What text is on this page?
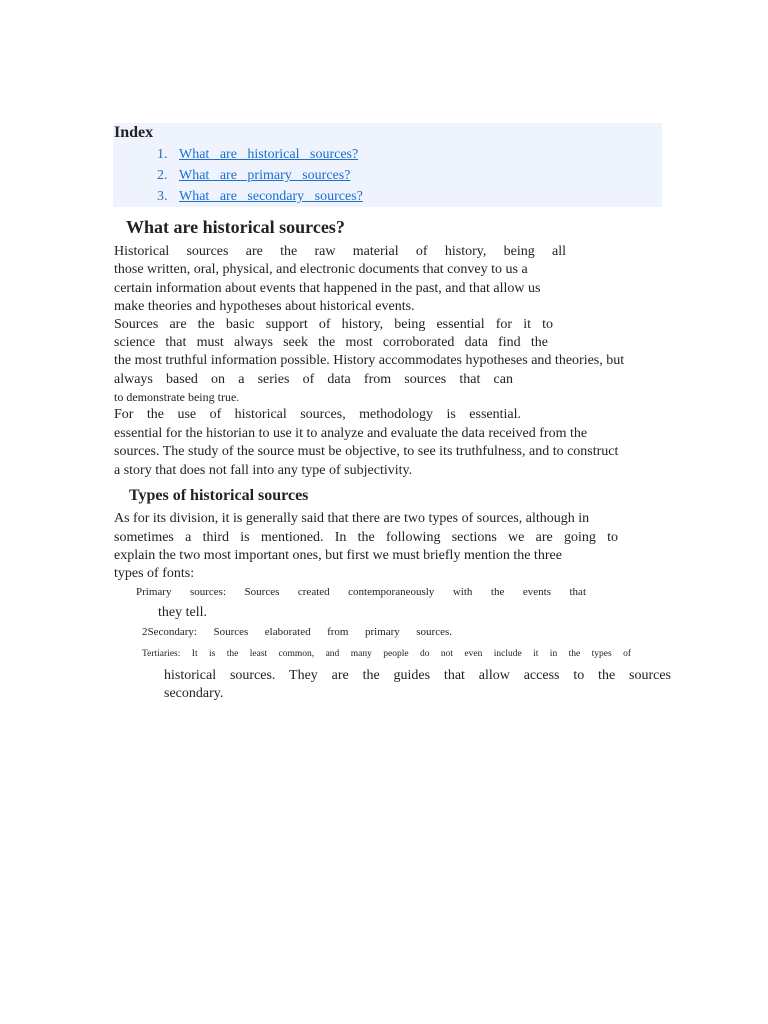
Index
1. What are historical sources?
2. What are primary sources?
3. What are secondary sources?
What are historical sources?
Historical sources are the raw material of history, being all
those written, oral, physical, and electronic documents that convey to us a
certain information about events that happened in the past, and that allow us
make theories and hypotheses about historical events.
Sources are the basic support of history, being essential for it to
science that must always seek the most corroborated data find the
the most truthful information possible. History accommodates hypotheses and theories, but
always based on a series of data from sources that can
to demonstrate being true.
For the use of historical sources, methodology is essential.
essential for the historian to use it to analyze and evaluate the data received from the
sources. The study of the source must be objective, to see its truthfulness, and to construct
a story that does not fall into any type of subjectivity.
Types of historical sources
As for its division, it is generally said that there are two types of sources, although in
sometimes a third is mentioned. In the following sections we are going to
explain the two most important ones, but first we must briefly mention the three
types of fonts:
Primary sources: Sources created contemporaneously with the events that
they tell.
2Secondary: Sources elaborated from primary sources.
Tertiaries: It is the least common, and many people do not even include it in the types of
historical sources. They are the guides that allow access to the sources
secondary.
